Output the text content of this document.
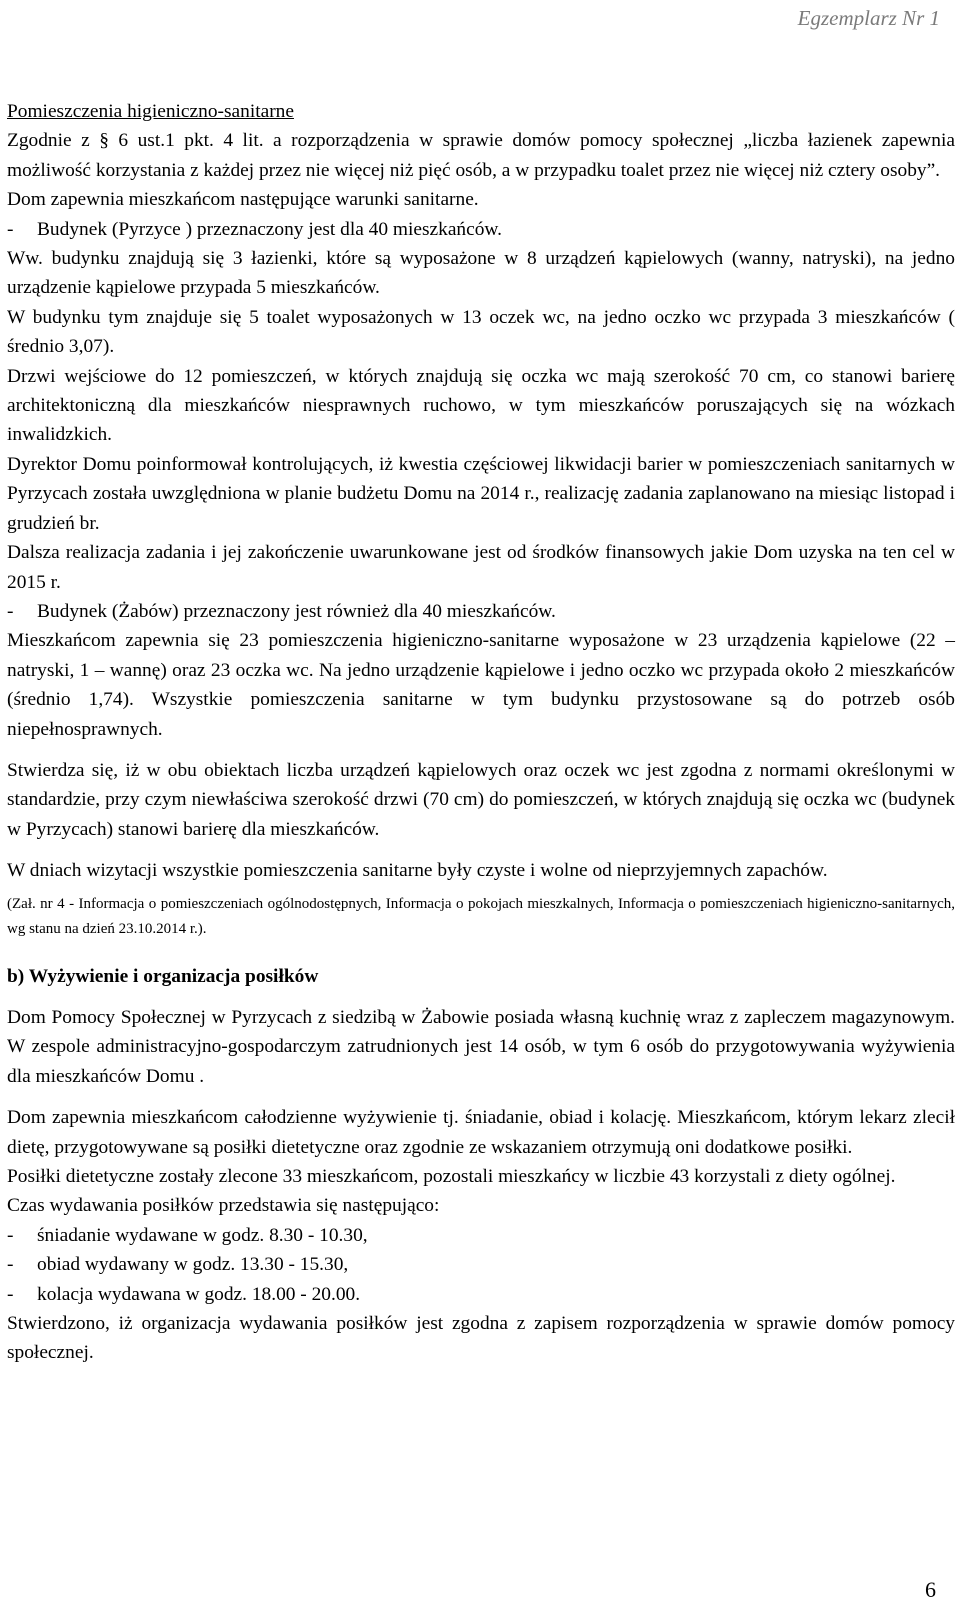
Egzemplarz Nr 1

Pomieszczenia higieniczno-sanitarne

Zgodnie z § 6 ust.1 pkt. 4 lit. a rozporządzenia w sprawie domów pomocy społecznej „liczba łazienek zapewnia możliwość korzystania z każdej przez nie więcej niż pięć osób, a w przypadku toalet przez nie więcej niż cztery osoby”.

Dom zapewnia mieszkańcom następujące warunki sanitarne.

- Budynek (Pyrzyce ) przeznaczony jest dla 40 mieszkańców.

Ww. budynku znajdują się 3 łazienki, które są wyposażone w 8 urządzeń kąpielowych (wanny, natryski), na jedno urządzenie kąpielowe przypada 5 mieszkańców.

W budynku tym znajduje się 5 toalet wyposażonych w 13 oczek wc, na jedno oczko wc przypada 3 mieszkańców ( średnio 3,07).

Drzwi wejściowe do 12 pomieszczeń, w których znajdują się oczka wc mają szerokość 70 cm, co stanowi barierę architektoniczną dla mieszkańców niesprawnych ruchowo, w tym mieszkańców poruszających się na wózkach inwalidzkich.

Dyrektor Domu poinformował kontrolujących, iż kwestia częściowej likwidacji barier w pomieszczeniach sanitarnych w Pyrzycach została uwzględniona w planie budżetu Domu na 2014 r., realizację zadania zaplanowano na miesiąc listopad i grudzień br.

Dalsza realizacja zadania i jej zakończenie uwarunkowane jest od środków finansowych jakie Dom uzyska na ten cel w 2015 r.

- Budynek (Żabów) przeznaczony jest również dla 40 mieszkańców.

Mieszkańcom zapewnia się 23 pomieszczenia higieniczno-sanitarne wyposażone w 23 urządzenia kąpielowe (22 –natryski, 1 – wannę) oraz 23 oczka wc. Na jedno urządzenie kąpielowe i jedno oczko wc przypada około 2 mieszkańców (średnio 1,74). Wszystkie pomieszczenia sanitarne w tym budynku przystosowane są do potrzeb osób niepełnosprawnych.

Stwierdza się, iż w obu obiektach liczba urządzeń kąpielowych oraz oczek wc jest zgodna z normami określonymi w standardzie, przy czym niewłaściwa szerokość drzwi (70 cm) do pomieszczeń, w których znajdują się oczka wc (budynek w Pyrzycach) stanowi barierę dla mieszkańców.

W dniach wizytacji wszystkie pomieszczenia sanitarne były czyste i wolne od nieprzyjemnych zapachów.

(Zał. nr 4 - Informacja o pomieszczeniach ogólnodostępnych, Informacja o pokojach mieszkalnych, Informacja o pomieszczeniach higieniczno-sanitarnych, wg stanu na dzień 23.10.2014 r.).

b) Wyżywienie i organizacja posiłków

Dom Pomocy Społecznej w Pyrzycach z siedzibą w Żabowie posiada własną kuchnię wraz z zapleczem magazynowym. W zespole administracyjno-gospodarczym zatrudnionych jest 14 osób, w tym 6 osób do przygotowywania wyżywienia dla mieszkańców Domu .

Dom zapewnia mieszkańcom całodzienne wyżywienie tj. śniadanie, obiad i kolację. Mieszkańcom, którym lekarz zlecił dietę, przygotowywane są posiłki dietetyczne oraz zgodnie ze wskazaniem otrzymują oni dodatkowe posiłki.

Posiłki dietetyczne zostały zlecone 33 mieszkańcom, pozostali mieszkańcy w liczbie 43 korzystali z diety ogólnej.

Czas wydawania posiłków przedstawia się następująco:

- śniadanie wydawane w godz. 8.30 - 10.30,

- obiad wydawany w godz. 13.30 - 15.30,

- kolacja wydawana w godz. 18.00 - 20.00.

Stwierdzono, iż organizacja wydawania posiłków jest zgodna z zapisem rozporządzenia w sprawie domów pomocy społecznej.

6
